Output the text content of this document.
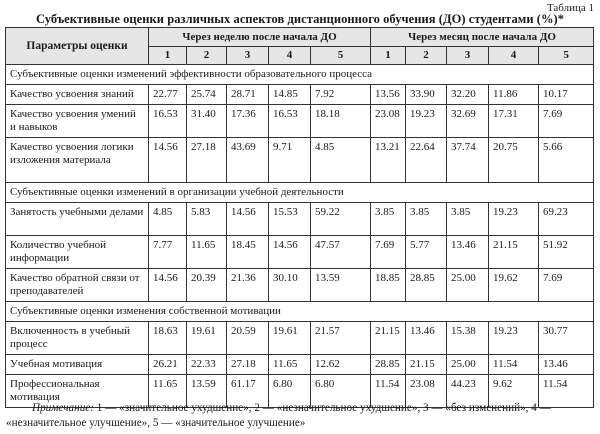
Таблица 1
Субъективные оценки различных аспектов дистанционного обучения (ДО) студентами (%)*
Параметры оценки	Через неделю после начала ДО					Через месяц после начала ДО				
	1	2	3	4	5	1	2	3	4	5
Субъективные оценки изменений эффективности образовательного процесса										
Качество усвоения знаний	22.77	25.74	28.71	14.85	7.92	13.56	33.90	32.20	11.86	10.17
Качество усвоения умений и навыков	16.53	31.40	17.36	16.53	18.18	23.08	19.23	32.69	17.31	7.69
Качество усвоения логики изложения материала	14.56	27.18	43.69	9.71	4.85	13.21	22.64	37.74	20.75	5.66
Субъективные оценки изменений в организации учебной деятельности										
Занятость учебными делами	4.85	5.83	14.56	15.53	59.22	3.85	3.85	3.85	19.23	69.23
Количество учебной информации	7.77	11.65	18.45	14.56	47.57	7.69	5.77	13.46	21.15	51.92
Качество обратной связи от преподавателей	14.56	20.39	21.36	30.10	13.59	18.85	28.85	25.00	19.62	7.69
Субъективные оценки изменения собственной мотивации										
Включенность в учебный процесс	18.63	19.61	20.59	19.61	21.57	21.15	13.46	15.38	19.23	30.77
Учебная мотивация	26.21	22.33	27.18	11.65	12.62	28.85	21.15	25.00	11.54	13.46
Профессиональная мотивация	11.65	13.59	61.17	6.80	6.80	11.54	23.08	44.23	9.62	11.54
Примечание: 1 — «значительное ухудшение», 2 — «незначительное ухудшение», 3 — «без изменений», 4 — «незначительное улучшение», 5 — «значительное улучшение»
